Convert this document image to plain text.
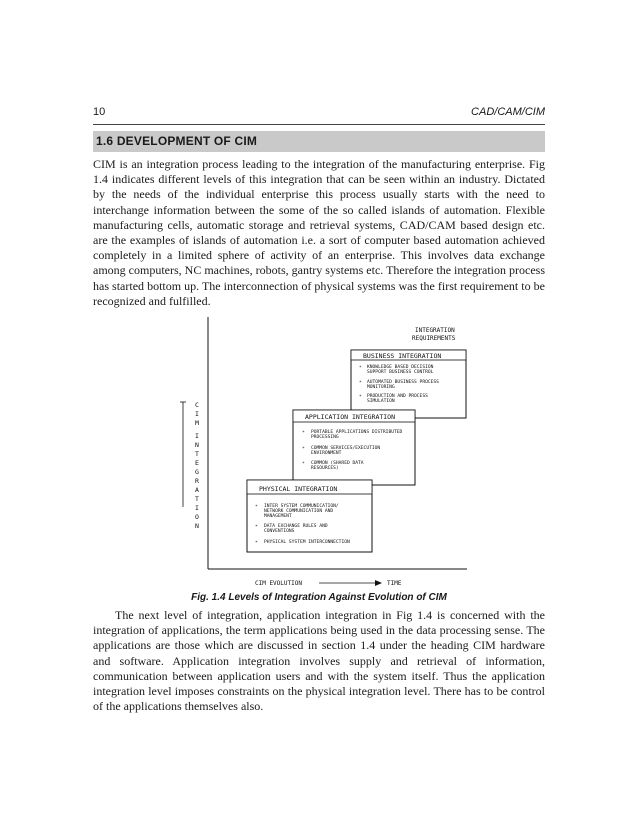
10	CAD/CAM/CIM
1.6 DEVELOPMENT OF CIM
CIM is an integration process leading to the integration of the manufacturing enterprise. Fig 1.4 indicates different levels of this integration that can be seen within an industry. Dictated by the needs of the individual enterprise this process usually starts with the need to interchange information between the some of the so called islands of automation. Flexible manufacturing cells, automatic storage and retrieval systems, CAD/CAM based design etc. are the examples of islands of automation i.e. a sort of computer based automation achieved completely in a limited sphere of activity of an enterprise. This involves data exchange among computers, NC machines, robots, gantry systems etc. Therefore the integration process has started bottom up. The interconnection of physical systems was the first requirement to be recognized and fulfilled.
C I M I N T E G R A T I O N
INTEGRATION
REQUIREMENTS
BUSINESS INTEGRATION
* KNOWLEDGE BASED DECISION SUPPORT BUSINESS CONTROL * AUTOMATED BUSINESS PROCESS MONITORING * PRODUCTION AND PROCESS SIMULATION
APPLICATION INTEGRATION
* PORTABLE APPLICATIONS DISTRIBUTED PROCESSING * COMMON SERVICES/EXECUTION ENVIRONMENT * COMMON (SHARED DATA RESOURCES)
PHYSICAL INTEGRATION
* INTER SYSTEM COMMUNICATION/ NETWORK COMMUNICATION AND MANAGEMENT * DATA EXCHANGE RULES AND CONVENTIONS * PHYSICAL SYSTEM INTERCONNECTION
CIM EVOLUTION	TIME
Fig. 1.4 Levels of Integration Against Evolution of CIM
The next level of integration, application integration in Fig 1.4 is concerned with the integration of applications, the term applications being used in the data processing sense. The applications are those which are discussed in section 1.4 under the heading CIM hardware and software. Application integration involves supply and retrieval of information, communication between application users and with the system itself. Thus the application integration level imposes constraints on the physical integration level. There has to be control of the applications themselves also.
